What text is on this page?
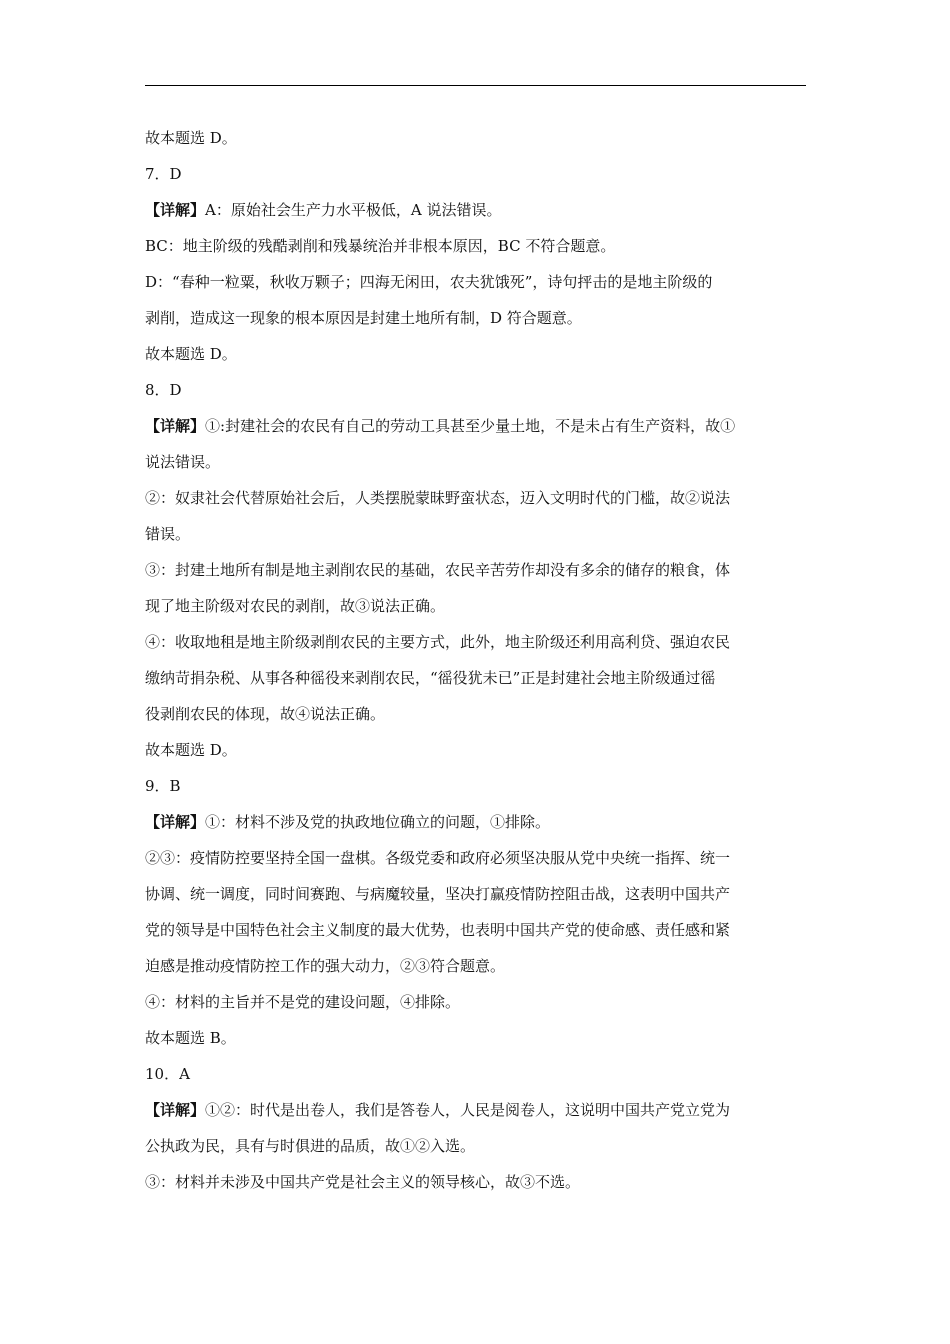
故本题选 D。
7．D
【详解】A：原始社会生产力水平极低，A 说法错误。
BC：地主阶级的残酷剥削和残暴统治并非根本原因，BC 不符合题意。
D：“春种一粒粟，秋收万颗子；四海无闲田，农夫犹饿死”，诗句抨击的是地主阶级的
剥削，造成这一现象的根本原因是封建土地所有制，D 符合题意。
故本题选 D。
8．D
【详解】①:封建社会的农民有自己的劳动工具甚至少量土地，不是未占有生产资料，故①
说法错误。
②：奴隶社会代替原始社会后，人类摆脱蒙昧野蛮状态，迈入文明时代的门槛，故②说法
错误。
③：封建土地所有制是地主剥削农民的基础，农民辛苦劳作却没有多余的储存的粮食，体
现了地主阶级对农民的剥削，故③说法正确。
④：收取地租是地主阶级剥削农民的主要方式，此外，地主阶级还利用高利贷、强迫农民
缴纳苛捐杂税、从事各种徭役来剥削农民，“徭役犹未已”正是封建社会地主阶级通过徭
役剥削农民的体现，故④说法正确。
故本题选 D。
9．B
【详解】①：材料不涉及党的执政地位确立的问题，①排除。
②③：疫情防控要坚持全国一盘棋。各级党委和政府必须坚决服从党中央统一指挥、统一
协调、统一调度，同时间赛跑、与病魔较量，坚决打赢疫情防控阻击战，这表明中国共产
党的领导是中国特色社会主义制度的最大优势，也表明中国共产党的使命感、责任感和紧
迫感是推动疫情防控工作的强大动力，②③符合题意。
④：材料的主旨并不是党的建设问题，④排除。
故本题选 B。
10．A
【详解】①②：时代是出卷人，我们是答卷人，人民是阅卷人，这说明中国共产党立党为
公执政为民，具有与时俱进的品质，故①②入选。
③：材料并未涉及中国共产党是社会主义的领导核心，故③不选。
